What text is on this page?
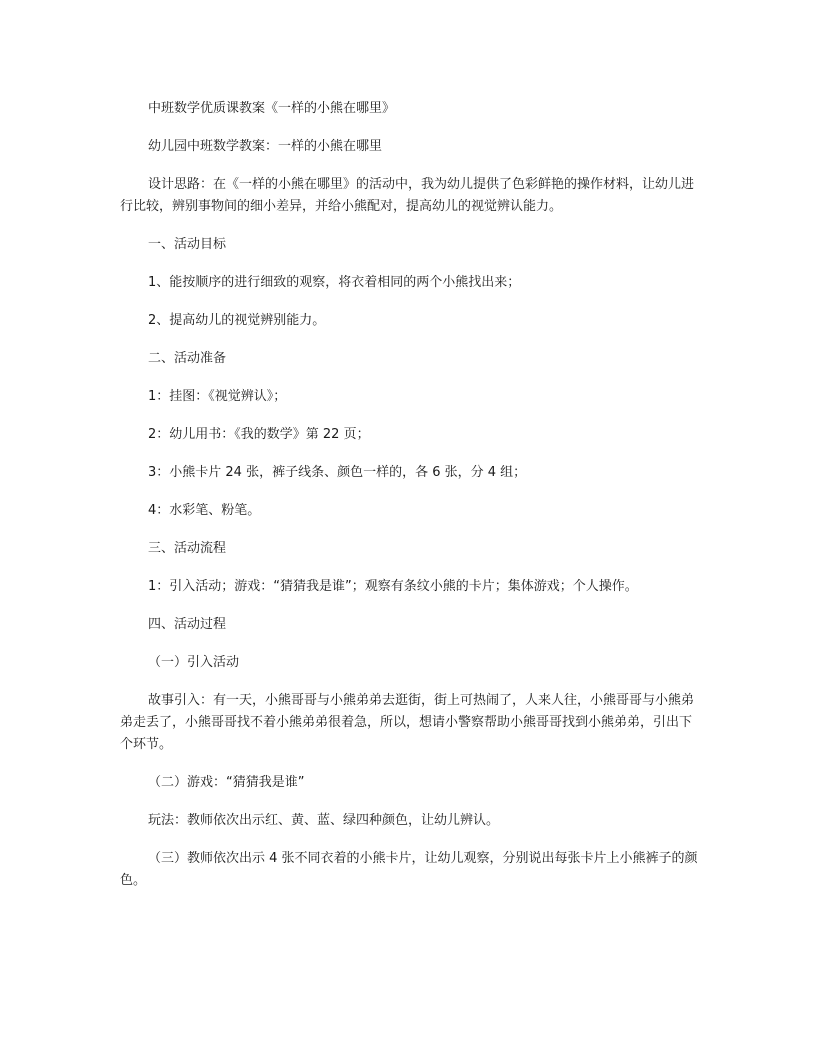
中班数学优质课教案《一样的小熊在哪里》

幼儿园中班数学教案：一样的小熊在哪里

设计思路：在《一样的小熊在哪里》的活动中，我为幼儿提供了色彩鲜艳的操作材料，让幼儿进行比较，辨别事物间的细小差异，并给小熊配对，提高幼儿的视觉辨认能力。

一、活动目标

1、能按顺序的进行细致的观察，将衣着相同的两个小熊找出来；

2、提高幼儿的视觉辨别能力。

二、活动准备

1：挂图：《视觉辨认》；

2：幼儿用书：《我的数学》第 22 页；

3：小熊卡片 24 张，裤子线条、颜色一样的，各 6 张，分 4 组；

4：水彩笔、粉笔。

三、活动流程

1：引入活动；游戏：“猜猜我是谁”；观察有条纹小熊的卡片；集体游戏；个人操作。

四、活动过程

（一）引入活动

故事引入：有一天，小熊哥哥与小熊弟弟去逛街，街上可热闹了，人来人往，小熊哥哥与小熊弟弟走丢了，小熊哥哥找不着小熊弟弟很着急，所以，想请小警察帮助小熊哥哥找到小熊弟弟，引出下个环节。

（二）游戏：“猜猜我是谁”

玩法：教师依次出示红、黄、蓝、绿四种颜色，让幼儿辨认。

（三）教师依次出示 4 张不同衣着的小熊卡片，让幼儿观察，分别说出每张卡片上小熊裤子的颜色。
